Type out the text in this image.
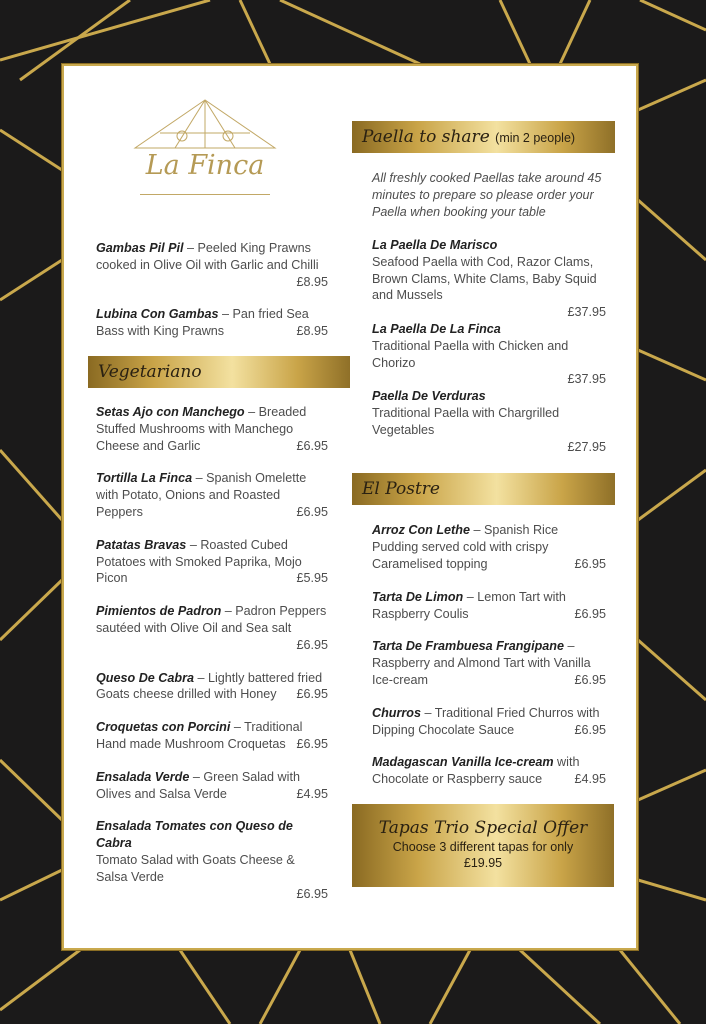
La Finca
Gambas Pil Pil – Peeled King Prawns cooked in Olive Oil with Garlic and Chilli
£8.95
Lubina Con Gambas – Pan fried Sea Bass with King Prawns	£8.95
Vegetariano
Setas Ajo con Manchego – Breaded Stuffed Mushrooms with Manchego Cheese and Garlic	£6.95
Tortilla La Finca – Spanish Omelette with Potato, Onions and Roasted Peppers	£6.95
Patatas Bravas – Roasted Cubed Potatoes with Smoked Paprika, Mojo Picon	£5.95
Pimientos de Padron – Padron Peppers sautéed with Olive Oil and Sea salt
£6.95
Queso De Cabra – Lightly battered fried Goats cheese drilled with Honey £6.95
Croquetas con Porcini – Traditional Hand made Mushroom Croquetas £6.95
Ensalada Verde – Green Salad with Olives and Salsa Verde	£4.95
Ensalada Tomates con Queso de Cabra
Tomato Salad with Goats Cheese & Salsa Verde
£6.95
Paella to share (min 2 people)
All freshly cooked Paellas take around 45 minutes to prepare so please order your Paella when booking your table
La Paella De Marisco
Seafood Paella with Cod, Razor Clams, Brown Clams, White Clams, Baby Squid and Mussels
£37.95
La Paella De La Finca
Traditional Paella with Chicken and Chorizo
£37.95
Paella De Verduras
Traditional Paella with Chargrilled Vegetables
£27.95
El Postre
Arroz Con Lethe – Spanish Rice Pudding served cold with crispy Caramelised topping	£6.95
Tarta De Limon – Lemon Tart with Raspberry Coulis	£6.95
Tarta De Frambuesa Frangipane – Raspberry and Almond Tart with Vanilla Ice-cream	£6.95
Churros – Traditional Fried Churros with Dipping Chocolate Sauce	£6.95
Madagascan Vanilla Ice-cream with Chocolate or Raspberry sauce	£4.95
Tapas Trio Special Offer
Choose 3 different tapas for only
£19.95
